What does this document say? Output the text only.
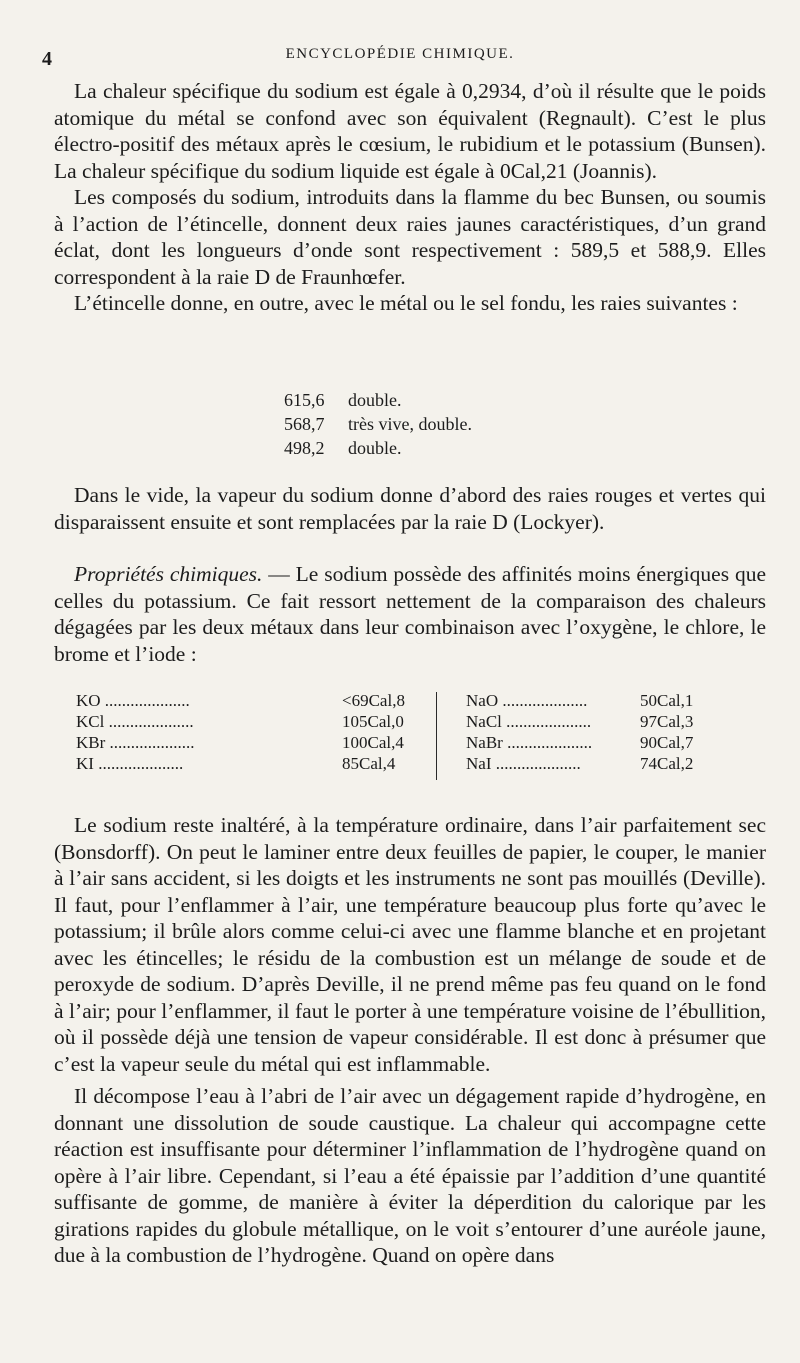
4	ENCYCLOPÉDIE CHIMIQUE.

La chaleur spécifique du sodium est égale à 0,2934, d’où il résulte que le poids atomique du métal se confond avec son équivalent (Regnault). C’est le plus électro-positif des métaux après le cœsium, le rubidium et le potassium (Bunsen). La chaleur spécifique du sodium liquide est égale à 0Cal,21 (Joannis).

Les composés du sodium, introduits dans la flamme du bec Bunsen, ou soumis à l’action de l’étincelle, donnent deux raies jaunes caractéristiques, d’un grand éclat, dont les longueurs d’onde sont respectivement : 589,5 et 588,9. Elles correspondent à la raie D de Fraunhœfer.

L’étincelle donne, en outre, avec le métal ou le sel fondu, les raies suivantes :

615,6	double.
568,7	très vive, double.
498,2	double.

Dans le vide, la vapeur du sodium donne d’abord des raies rouges et vertes qui disparaissent ensuite et sont remplacées par la raie D (Lockyer).

Propriétés chimiques. — Le sodium possède des affinités moins énergiques que celles du potassium. Ce fait ressort nettement de la comparaison des chaleurs dégagées par les deux métaux dans leur combinaison avec l’oxygène, le chlore, le brome et l’iode :

KO ....................	<69Cal,8
KCl ....................	105Cal,0
KBr ....................	100Cal,4
KI ....................	85Cal,4
NaO ....................	50Cal,1
NaCl ....................	97Cal,3
NaBr ....................	90Cal,7
NaI ....................	74Cal,2

Le sodium reste inaltéré, à la température ordinaire, dans l’air parfaitement sec (Bonsdorff). On peut le laminer entre deux feuilles de papier, le couper, le manier à l’air sans accident, si les doigts et les instruments ne sont pas mouillés (Deville). Il faut, pour l’enflammer à l’air, une température beaucoup plus forte qu’avec le potassium; il brûle alors comme celui-ci avec une flamme blanche et en projetant avec les étincelles; le résidu de la combustion est un mélange de soude et de peroxyde de sodium. D’après Deville, il ne prend même pas feu quand on le fond à l’air; pour l’enflammer, il faut le porter à une température voisine de l’ébullition, où il possède déjà une tension de vapeur considérable. Il est donc à présumer que c’est la vapeur seule du métal qui est inflammable.

Il décompose l’eau à l’abri de l’air avec un dégagement rapide d’hydrogène, en donnant une dissolution de soude caustique. La chaleur qui accompagne cette réaction est insuffisante pour déterminer l’inflammation de l’hydrogène quand on opère à l’air libre. Cependant, si l’eau a été épaissie par l’addition d’une quantité suffisante de gomme, de manière à éviter la déperdition du calorique par les girations rapides du globule métallique, on le voit s’entourer d’une auréole jaune, due à la combustion de l’hydrogène. Quand on opère dans
